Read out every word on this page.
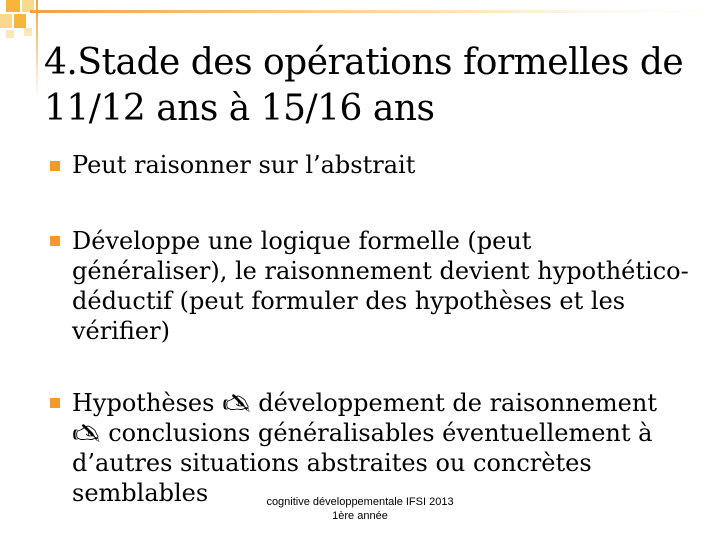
4.Stade des opérations formelles de 11/12 ans à 15/16 ans
Peut raisonner sur l’abstrait
Développe une logique formelle (peut généraliser), le raisonnement devient hypothético-déductif (peut formuler des hypothèses et les vérifier)
Hypothèses 🖎 développement de raisonnement 🖎 conclusions généralisables éventuellement à d’autres situations abstraites ou concrètes semblables	cognitive développementale IFSI 2013
1ère année
